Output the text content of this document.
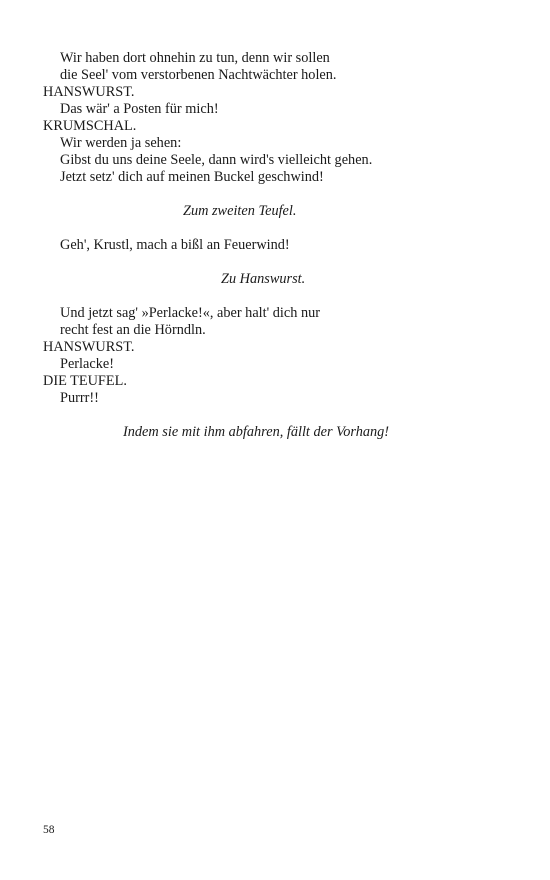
Wir haben dort ohnehin zu tun, denn wir sollen
die Seel' vom verstorbenen Nachtwächter holen.
HANSWURST.
Das wär' a Posten für mich!
KRUMSCHAL.
Wir werden ja sehen:
Gibst du uns deine Seele, dann wird's vielleicht gehen.
Jetzt setz' dich auf meinen Buckel geschwind!
Zum zweiten Teufel.
Geh', Krustl, mach a bißl an Feuerwind!
Zu Hanswurst.
Und jetzt sag' »Perlacke!«, aber halt' dich nur
recht fest an die Hörndln.
HANSWURST.
Perlacke!
DIE TEUFEL.
Purrr!!
Indem sie mit ihm abfahren, fällt der Vorhang!
58
